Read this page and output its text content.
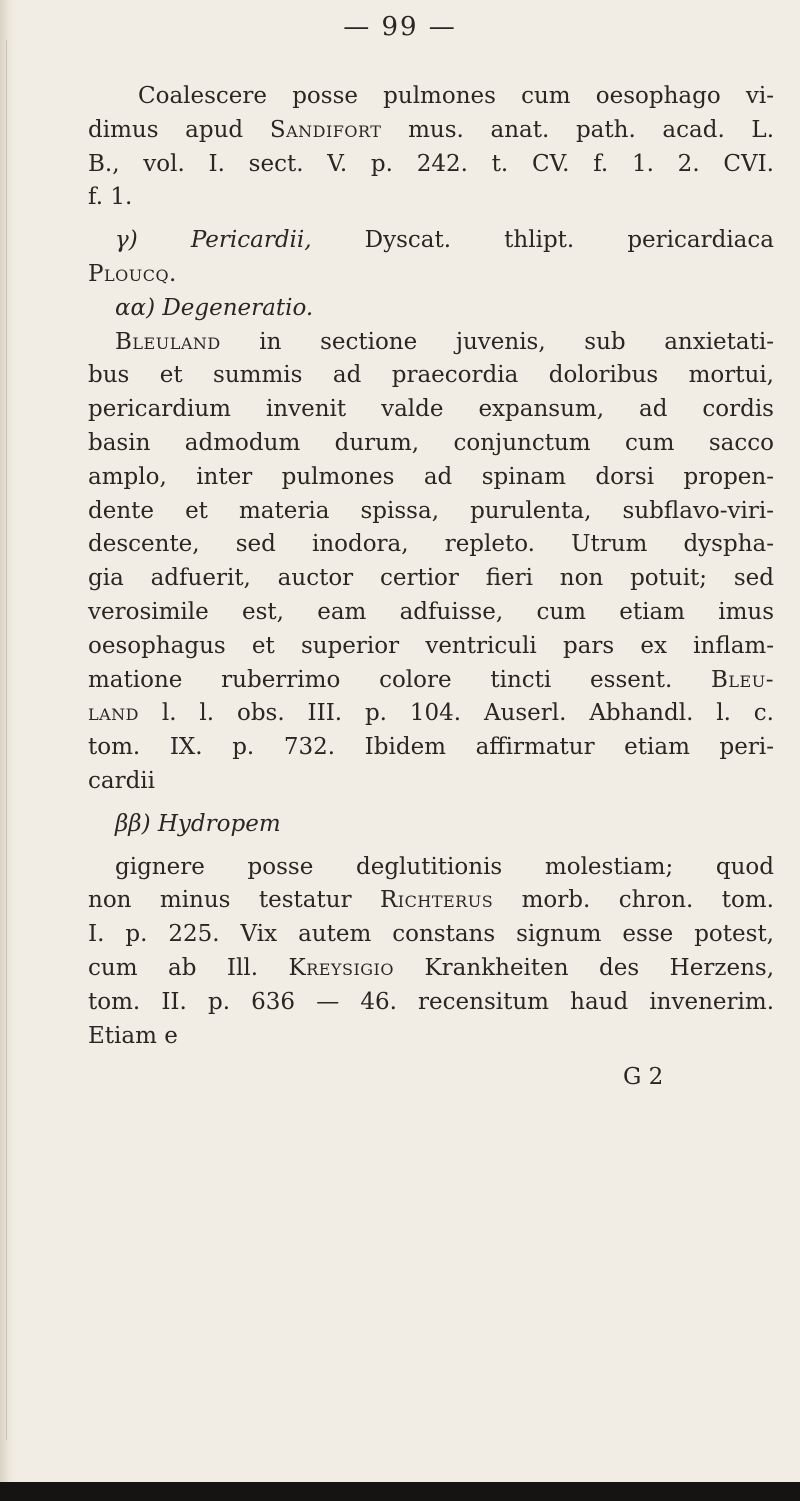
— 99 —
Coalescere posse pulmones cum oesophago vi-
dimus apud Sandifort mus. anat. path. acad. L.
B., vol. I. sect. V. p. 242. t. CV. f. 1. 2. CVI.
f. 1.
γ) Pericardii, Dyscat. thlipt. pericardiaca
Ploucq.
αα) Degeneratio.
Bleuland in sectione juvenis, sub anxietati-
bus et summis ad praecordia doloribus mortui,
pericardium invenit valde expansum, ad cordis
basin admodum durum, conjunctum cum sacco
amplo, inter pulmones ad spinam dorsi propen-
dente et materia spissa, purulenta, subflavo-viri-
descente, sed inodora, repleto. Utrum dyspha-
gia adfuerit, auctor certior fieri non potuit; sed
verosimile est, eam adfuisse, cum etiam imus
oesophagus et superior ventriculi pars ex inflam-
matione ruberrimo colore tincti essent. Bleu-
land l. l. obs. III. p. 104. Auserl. Abhandl. l. c.
tom. IX. p. 732. Ibidem affirmatur etiam peri-
cardii
ββ) Hydropem
gignere posse deglutitionis molestiam; quod
non minus testatur Richterus morb. chron. tom.
I. p. 225. Vix autem constans signum esse potest,
cum ab Ill. Kreysigio Krankheiten des Herzens,
tom. II. p. 636 — 46. recensitum haud invenerim.
Etiam e
G 2
